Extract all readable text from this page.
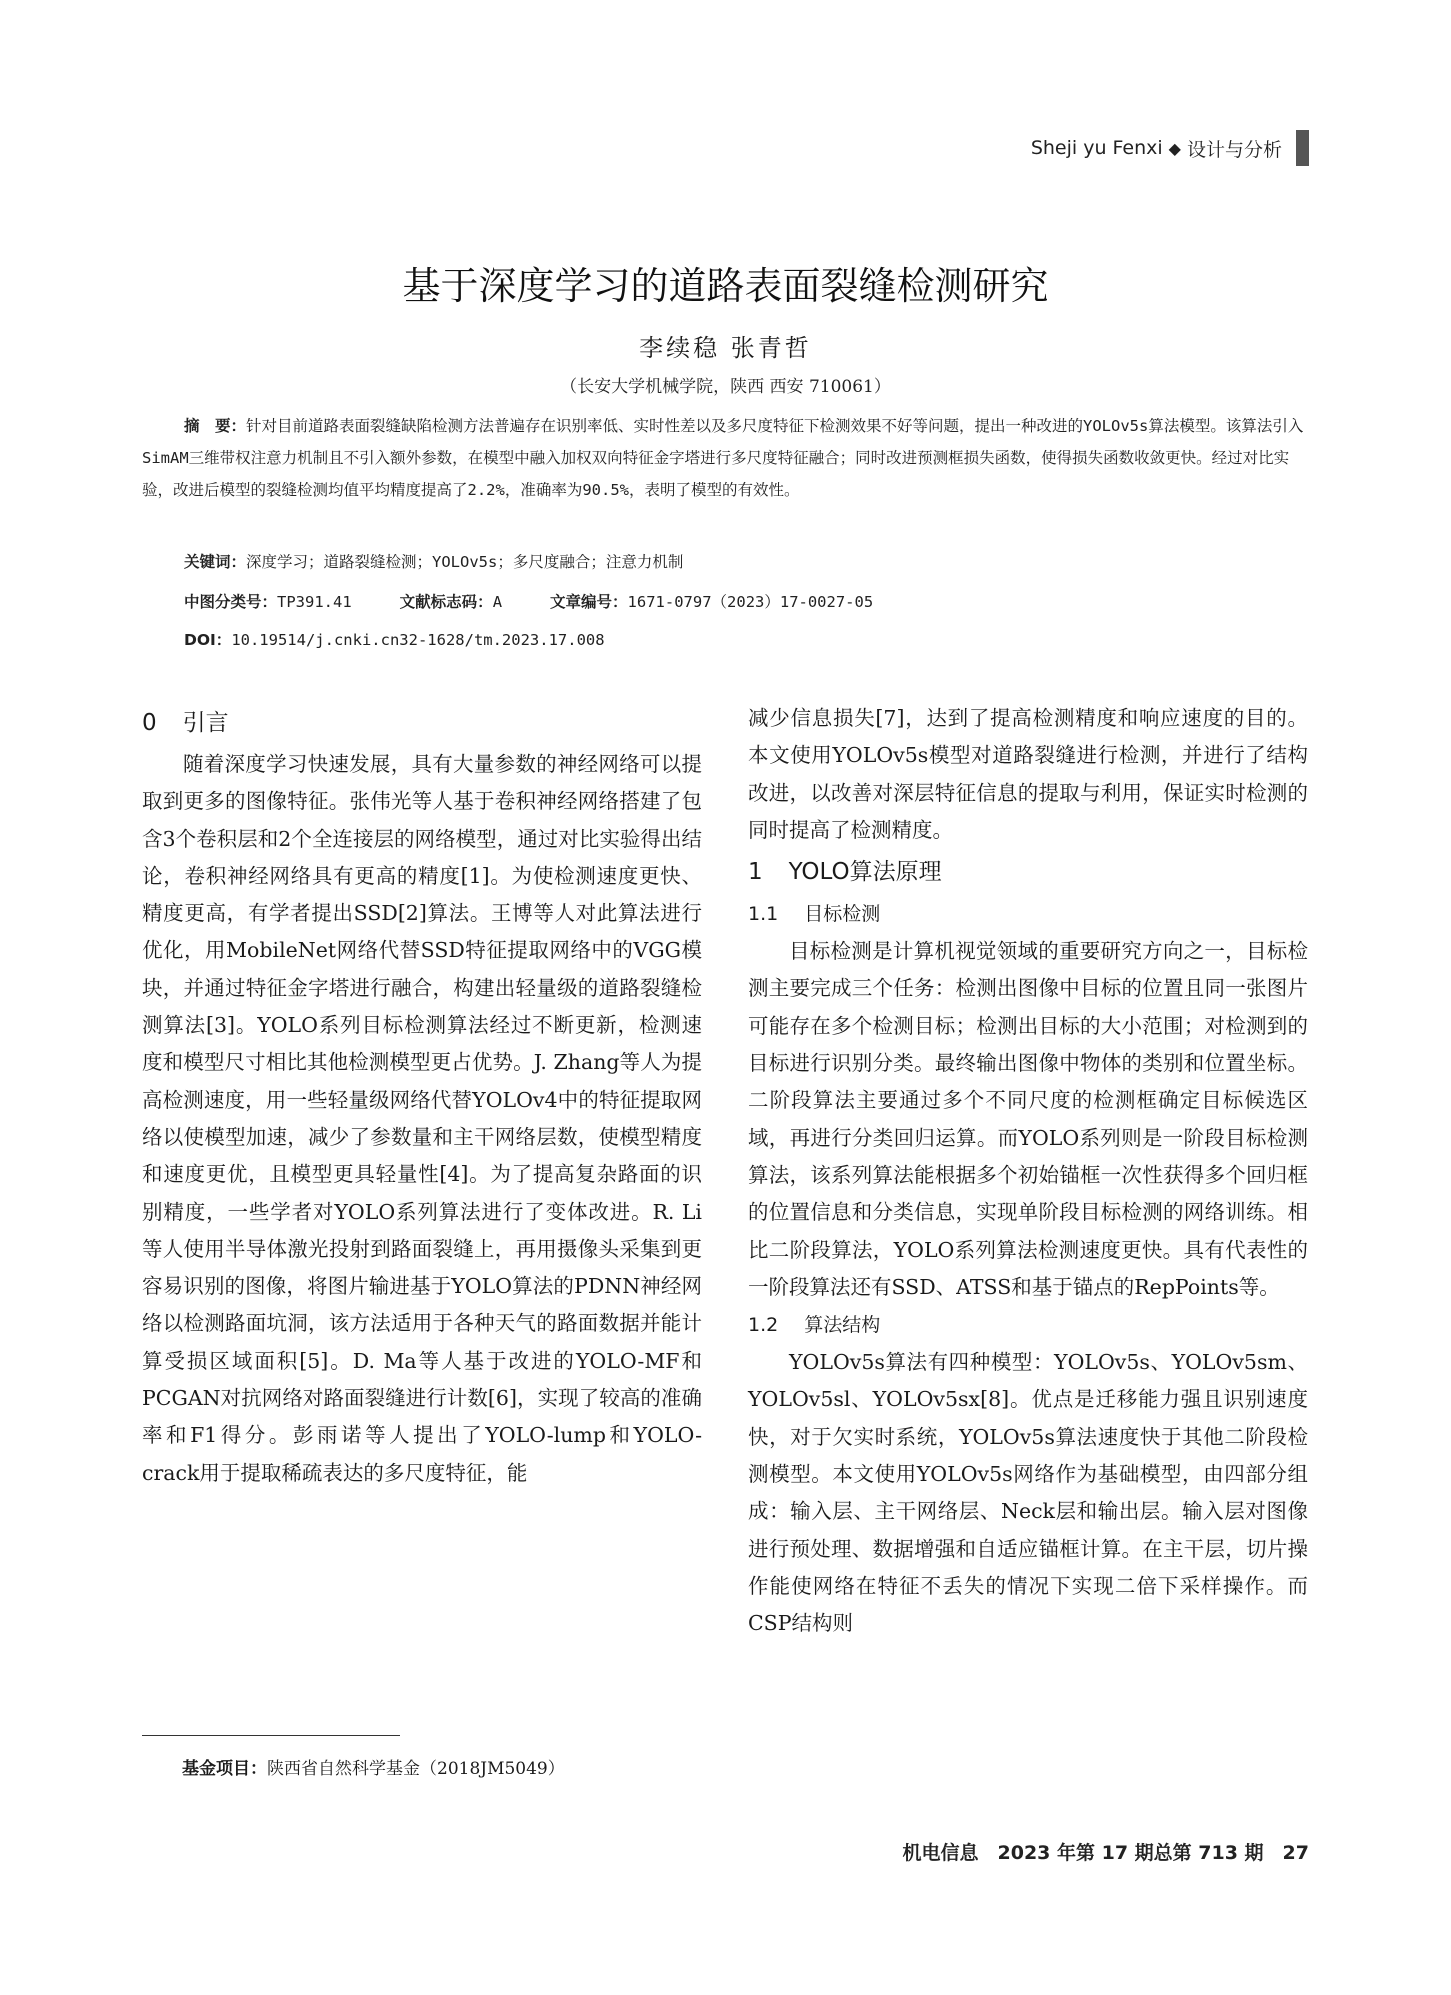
Sheji yu Fenxi ◆ 设计与分析
基于深度学习的道路表面裂缝检测研究
李续稳 张青哲
（长安大学机械学院，陕西 西安 710061）
摘　要：针对目前道路表面裂缝缺陷检测方法普遍存在识别率低、实时性差以及多尺度特征下检测效果不好等问题，提出一种改进的YOLOv5s算法模型。该算法引入SimAM三维带权注意力机制且不引入额外参数，在模型中融入加权双向特征金字塔进行多尺度特征融合；同时改进预测框损失函数，使得损失函数收敛更快。经过对比实验，改进后模型的裂缝检测均值平均精度提高了2.2%，准确率为90.5%，表明了模型的有效性。
关键词：深度学习；道路裂缝检测；YOLOv5s；多尺度融合；注意力机制
中图分类号：TP391.41	文献标志码：A	文章编号：1671-0797（2023）17-0027-05
DOI：10.19514/j.cnki.cn32-1628/tm.2023.17.008
0 引言

随着深度学习快速发展，具有大量参数的神经网络可以提取到更多的图像特征。张伟光等人基于卷积神经网络搭建了包含3个卷积层和2个全连接层的网络模型，通过对比实验得出结论，卷积神经网络具有更高的精度[1]。为使检测速度更快、精度更高，有学者提出SSD[2]算法。王博等人对此算法进行优化，用MobileNet网络代替SSD特征提取网络中的VGG模块，并通过特征金字塔进行融合，构建出轻量级的道路裂缝检测算法[3]。YOLO系列目标检测算法经过不断更新，检测速度和模型尺寸相比其他检测模型更占优势。J. Zhang等人为提高检测速度，用一些轻量级网络代替YOLOv4中的特征提取网络以使模型加速，减少了参数量和主干网络层数，使模型精度和速度更优，且模型更具轻量性[4]。为了提高复杂路面的识别精度，一些学者对YOLO系列算法进行了变体改进。R. Li等人使用半导体激光投射到路面裂缝上，再用摄像头采集到更容易识别的图像，将图片输进基于YOLO算法的PDNN神经网络以检测路面坑洞，该方法适用于各种天气的路面数据并能计算受损区域面积[5]。D. Ma等人基于改进的YOLO-MF和PCGAN对抗网络对路面裂缝进行计数[6]，实现了较高的准确率和F1得分。彭雨诺等人提出了YOLO-lump和YOLO-crack用于提取稀疏表达的多尺度特征，能

减少信息损失[7]，达到了提高检测精度和响应速度的目的。本文使用YOLOv5s模型对道路裂缝进行检测，并进行了结构改进，以改善对深层特征信息的提取与利用，保证实时检测的同时提高了检测精度。

1 YOLO算法原理
1.1 目标检测

目标检测是计算机视觉领域的重要研究方向之一，目标检测主要完成三个任务：检测出图像中目标的位置且同一张图片可能存在多个检测目标；检测出目标的大小范围；对检测到的目标进行识别分类。最终输出图像中物体的类别和位置坐标。二阶段算法主要通过多个不同尺度的检测框确定目标候选区域，再进行分类回归运算。而YOLO系列则是一阶段目标检测算法，该系列算法能根据多个初始锚框一次性获得多个回归框的位置信息和分类信息，实现单阶段目标检测的网络训练。相比二阶段算法，YOLO系列算法检测速度更快。具有代表性的一阶段算法还有SSD、ATSS和基于锚点的RepPoints等。

1.2 算法结构

YOLOv5s算法有四种模型：YOLOv5s、YOLOv5sm、YOLOv5sl、YOLOv5sx[8]。优点是迁移能力强且识别速度快，对于欠实时系统，YOLOv5s算法速度快于其他二阶段检测模型。本文使用YOLOv5s网络作为基础模型，由四部分组成：输入层、主干网络层、Neck层和输出层。输入层对图像进行预处理、数据增强和自适应锚框计算。在主干层，切片操作能使网络在特征不丢失的情况下实现二倍下采样操作。而CSP结构则

基金项目：陕西省自然科学基金（2018JM5049）
机电信息　2023 年第 17 期总第 713 期　27
